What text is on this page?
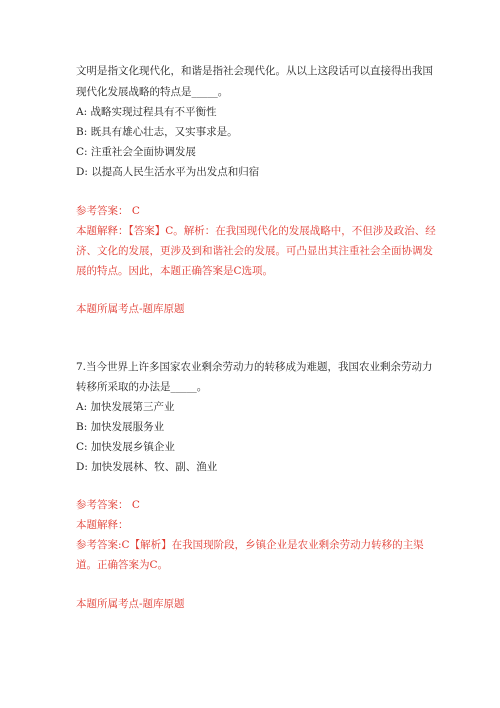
文明是指文化现代化，和谐是指社会现代化。从以上这段话可以直接得出我国
现代化发展战略的特点是_____。
A: 战略实现过程具有不平衡性
B: 既具有雄心壮志，又实事求是。
C: 注重社会全面协调发展
D: 以提高人民生活水平为出发点和归宿
参考答案： C
本题解释：【答案】C。解析：在我国现代化的发展战略中，不但涉及政治、经
济、文化的发展，更涉及到和谐社会的发展。可凸显出其注重社会全面协调发
展的特点。因此，本题正确答案是C选项。
本题所属考点-题库原题
7.当今世界上许多国家农业剩余劳动力的转移成为难题，我国农业剩余劳动力
转移所采取的办法是_____。
A: 加快发展第三产业
B: 加快发展服务业
C: 加快发展乡镇企业
D: 加快发展林、牧、副、渔业
参考答案： C
本题解释：
参考答案:C【解析】在我国现阶段，乡镇企业是农业剩余劳动力转移的主渠
道。正确答案为C。
本题所属考点-题库原题
